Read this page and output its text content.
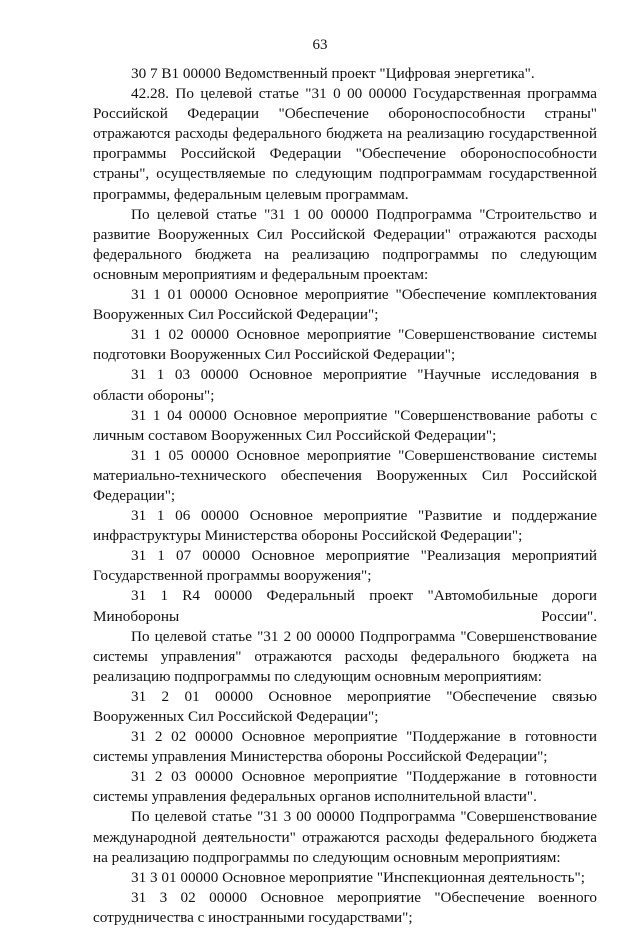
63

30 7 В1 00000 Ведомственный проект "Цифровая энергетика".

42.28. По целевой статье "31 0 00 00000 Государственная программа Российской Федерации "Обеспечение обороноспособности страны" отражаются расходы федерального бюджета на реализацию государственной программы Российской Федерации "Обеспечение обороноспособности страны", осуществляемые по следующим подпрограммам государственной программы, федеральным целевым программам.

По целевой статье "31 1 00 00000 Подпрограмма "Строительство и развитие Вооруженных Сил Российской Федерации" отражаются расходы федерального бюджета на реализацию подпрограммы по следующим основным мероприятиям и федеральным проектам:

31 1 01 00000 Основное мероприятие "Обеспечение комплектования Вооруженных Сил Российской Федерации";

31 1 02 00000 Основное мероприятие "Совершенствование системы подготовки Вооруженных Сил Российской Федерации";

31 1 03 00000 Основное мероприятие "Научные исследования в области обороны";

31 1 04 00000 Основное мероприятие "Совершенствование работы с личным составом Вооруженных Сил Российской Федерации";

31 1 05 00000 Основное мероприятие "Совершенствование системы материально-технического обеспечения Вооруженных Сил Российской Федерации";

31 1 06 00000 Основное мероприятие "Развитие и поддержание инфраструктуры Министерства обороны Российской Федерации";

31 1 07 00000 Основное мероприятие "Реализация мероприятий Государственной программы вооружения";

31 1 R4 00000 Федеральный проект "Автомобильные дороги Минобороны России".

По целевой статье "31 2 00 00000 Подпрограмма "Совершенствование системы управления" отражаются расходы федерального бюджета на реализацию подпрограммы по следующим основным мероприятиям:

31 2 01 00000 Основное мероприятие "Обеспечение связью Вооруженных Сил Российской Федерации";

31 2 02 00000 Основное мероприятие "Поддержание в готовности системы управления Министерства обороны Российской Федерации";

31 2 03 00000 Основное мероприятие "Поддержание в готовности системы управления федеральных органов исполнительной власти".

По целевой статье "31 3 00 00000 Подпрограмма "Совершенствование международной деятельности" отражаются расходы федерального бюджета на реализацию подпрограммы по следующим основным мероприятиям:

31 3 01 00000 Основное мероприятие "Инспекционная деятельность";

31 3 02 00000 Основное мероприятие "Обеспечение военного сотрудничества с иностранными государствами";
